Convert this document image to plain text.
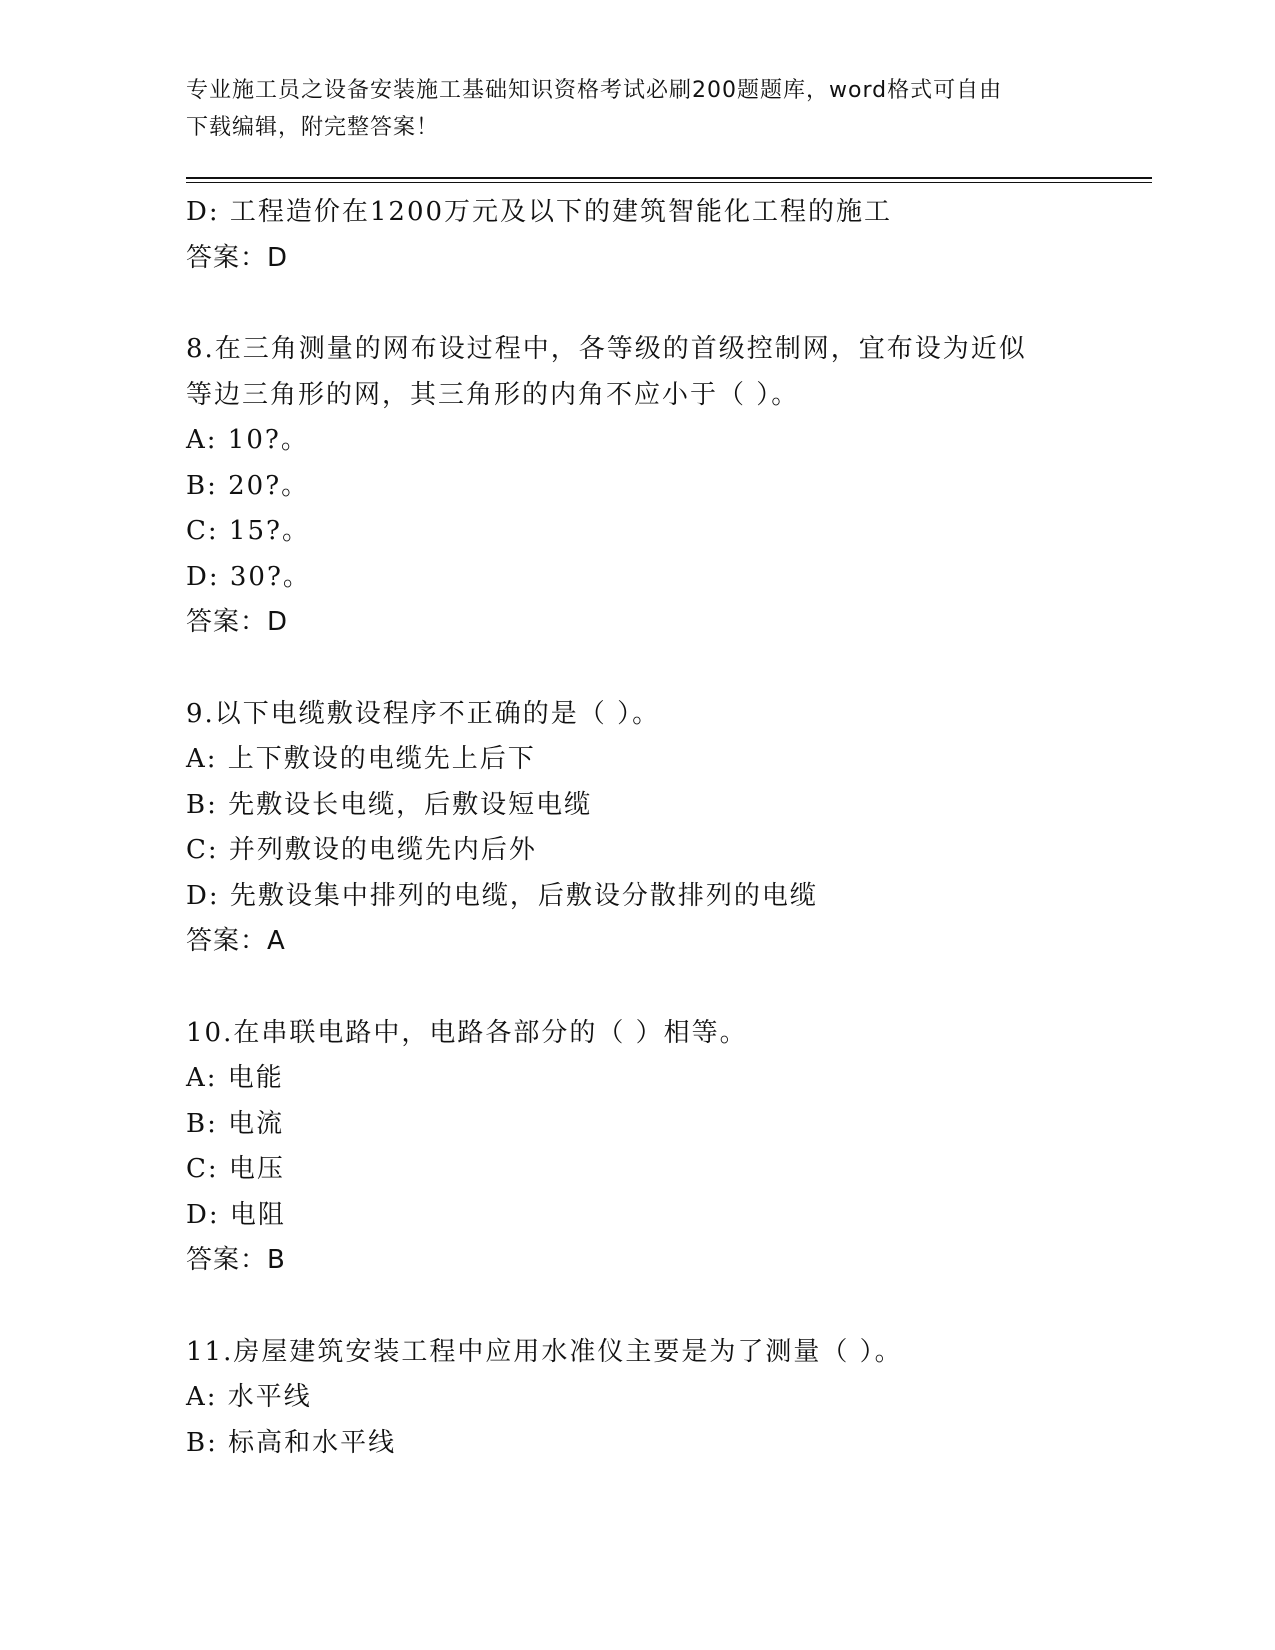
专业施工员之设备安装施工基础知识资格考试必刷200题题库，word格式可自由
下载编辑，附完整答案！
D: 工程造价在1200万元及以下的建筑智能化工程的施工
答案：D
8.在三角测量的网布设过程中，各等级的首级控制网，宜布设为近似
等边三角形的网，其三角形的内角不应小于（ ）。
A: 10?。
B: 20?。
C: 15?。
D: 30?。
答案：D
9.以下电缆敷设程序不正确的是（ ）。
A: 上下敷设的电缆先上后下
B: 先敷设长电缆，后敷设短电缆
C: 并列敷设的电缆先内后外
D: 先敷设集中排列的电缆，后敷设分散排列的电缆
答案：A
10.在串联电路中，电路各部分的（ ）相等。
A: 电能
B: 电流
C: 电压
D: 电阻
答案：B
11.房屋建筑安装工程中应用水准仪主要是为了测量（ ）。
A: 水平线
B: 标高和水平线
